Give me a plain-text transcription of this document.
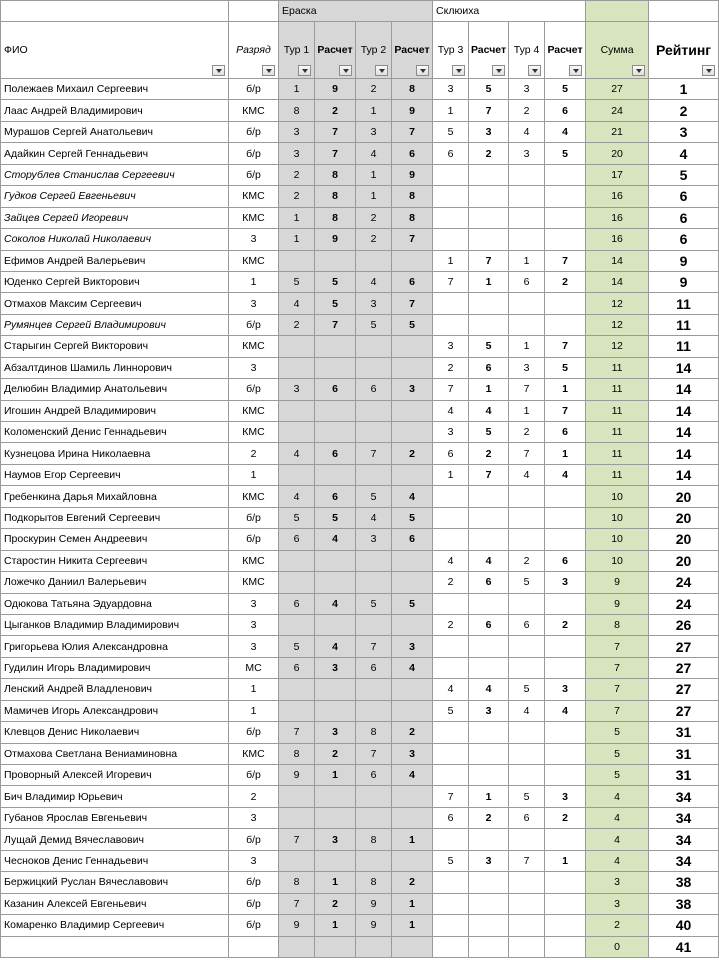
		Ераска				Склюиха					
ФИО	Разряд	Тур 1	Расчет	Тур 2	Расчет	Тур 3	Расчет	Тур 4	Расчет	Сумма	Рейтинг

Полежаев Михаил Сергеевич	б/р	1	9	2	8	3	5	3	5	27	1
Лаас Андрей Владимирович	КМС	8	2	1	9	1	7	2	6	24	2
Мурашов Сергей Анатольевич	б/р	3	7	3	7	5	3	4	4	21	3
Адайкин Сергей Геннадьевич	б/р	3	7	4	6	6	2	3	5	20	4
Сторублев Станислав Сергеевич	б/р	2	8	1	9					17	5
Гудков Сергей Евгеньевич	КМС	2	8	1	8					16	6
Зайцев Сергей Игоревич	КМС	1	8	2	8					16	6
Соколов Николай Николаевич	3	1	9	2	7					16	6
Ефимов Андрей Валерьевич	КМС					1	7	1	7	14	9
Юденко Сергей Викторович	1	5	5	4	6	7	1	6	2	14	9
Отмахов Максим Сергеевич	3	4	5	3	7					12	11
Румянцев Сергей Владимирович	б/р	2	7	5	5					12	11
Старыгин Сергей Викторович	КМС					3	5	1	7	12	11
Абзалтдинов Шамиль Линнорович	3					2	6	3	5	11	14
Делюбин Владимир Анатольевич	б/р	3	6	6	3	7	1	7	1	11	14
Игошин Андрей Владимирович	КМС					4	4	1	7	11	14
Коломенский Денис Геннадьевич	КМС					3	5	2	6	11	14
Кузнецова Ирина Николаевна	2	4	6	7	2	6	2	7	1	11	14
Наумов Егор Сергеевич	1					1	7	4	4	11	14
Гребенкина Дарья Михайловна	КМС	4	6	5	4					10	20
Подкорытов Евгений Сергеевич	б/р	5	5	4	5					10	20
Проскурин Семен Андреевич	б/р	6	4	3	6					10	20
Старостин Никита Сергеевич	КМС					4	4	2	6	10	20
Ложечко Даниил Валерьевич	КМС					2	6	5	3	9	24
Одюкова Татьяна Эдуардовна	3	6	4	5	5					9	24
Цыганков Владимир Владимирович	3					2	6	6	2	8	26
Григорьева Юлия Александровна	3	5	4	7	3					7	27
Гудилин Игорь Владимирович	МС	6	3	6	4					7	27
Ленский Андрей Владленович	1					4	4	5	3	7	27
Мамичев Игорь Александрович	1					5	3	4	4	7	27
Клевцов Денис Николаевич	б/р	7	3	8	2					5	31
Отмахова Светлана Вениаминовна	КМС	8	2	7	3					5	31
Проворный Алексей Игоревич	б/р	9	1	6	4					5	31
Бич Владимир Юрьевич	2					7	1	5	3	4	34
Губанов Ярослав Евгеньевич	3					6	2	6	2	4	34
Лущай Демид Вячеславович	б/р	7	3	8	1					4	34
Чесноков Денис Геннадьевич	3					5	3	7	1	4	34
Бержицкий Руслан Вячеславович	б/р	8	1	8	2					3	38
Казанин Алексей Евгеньевич	б/р	7	2	9	1					3	38
Комаренко Владимир Сергеевич	б/р	9	1	9	1					2	40
										0	41
